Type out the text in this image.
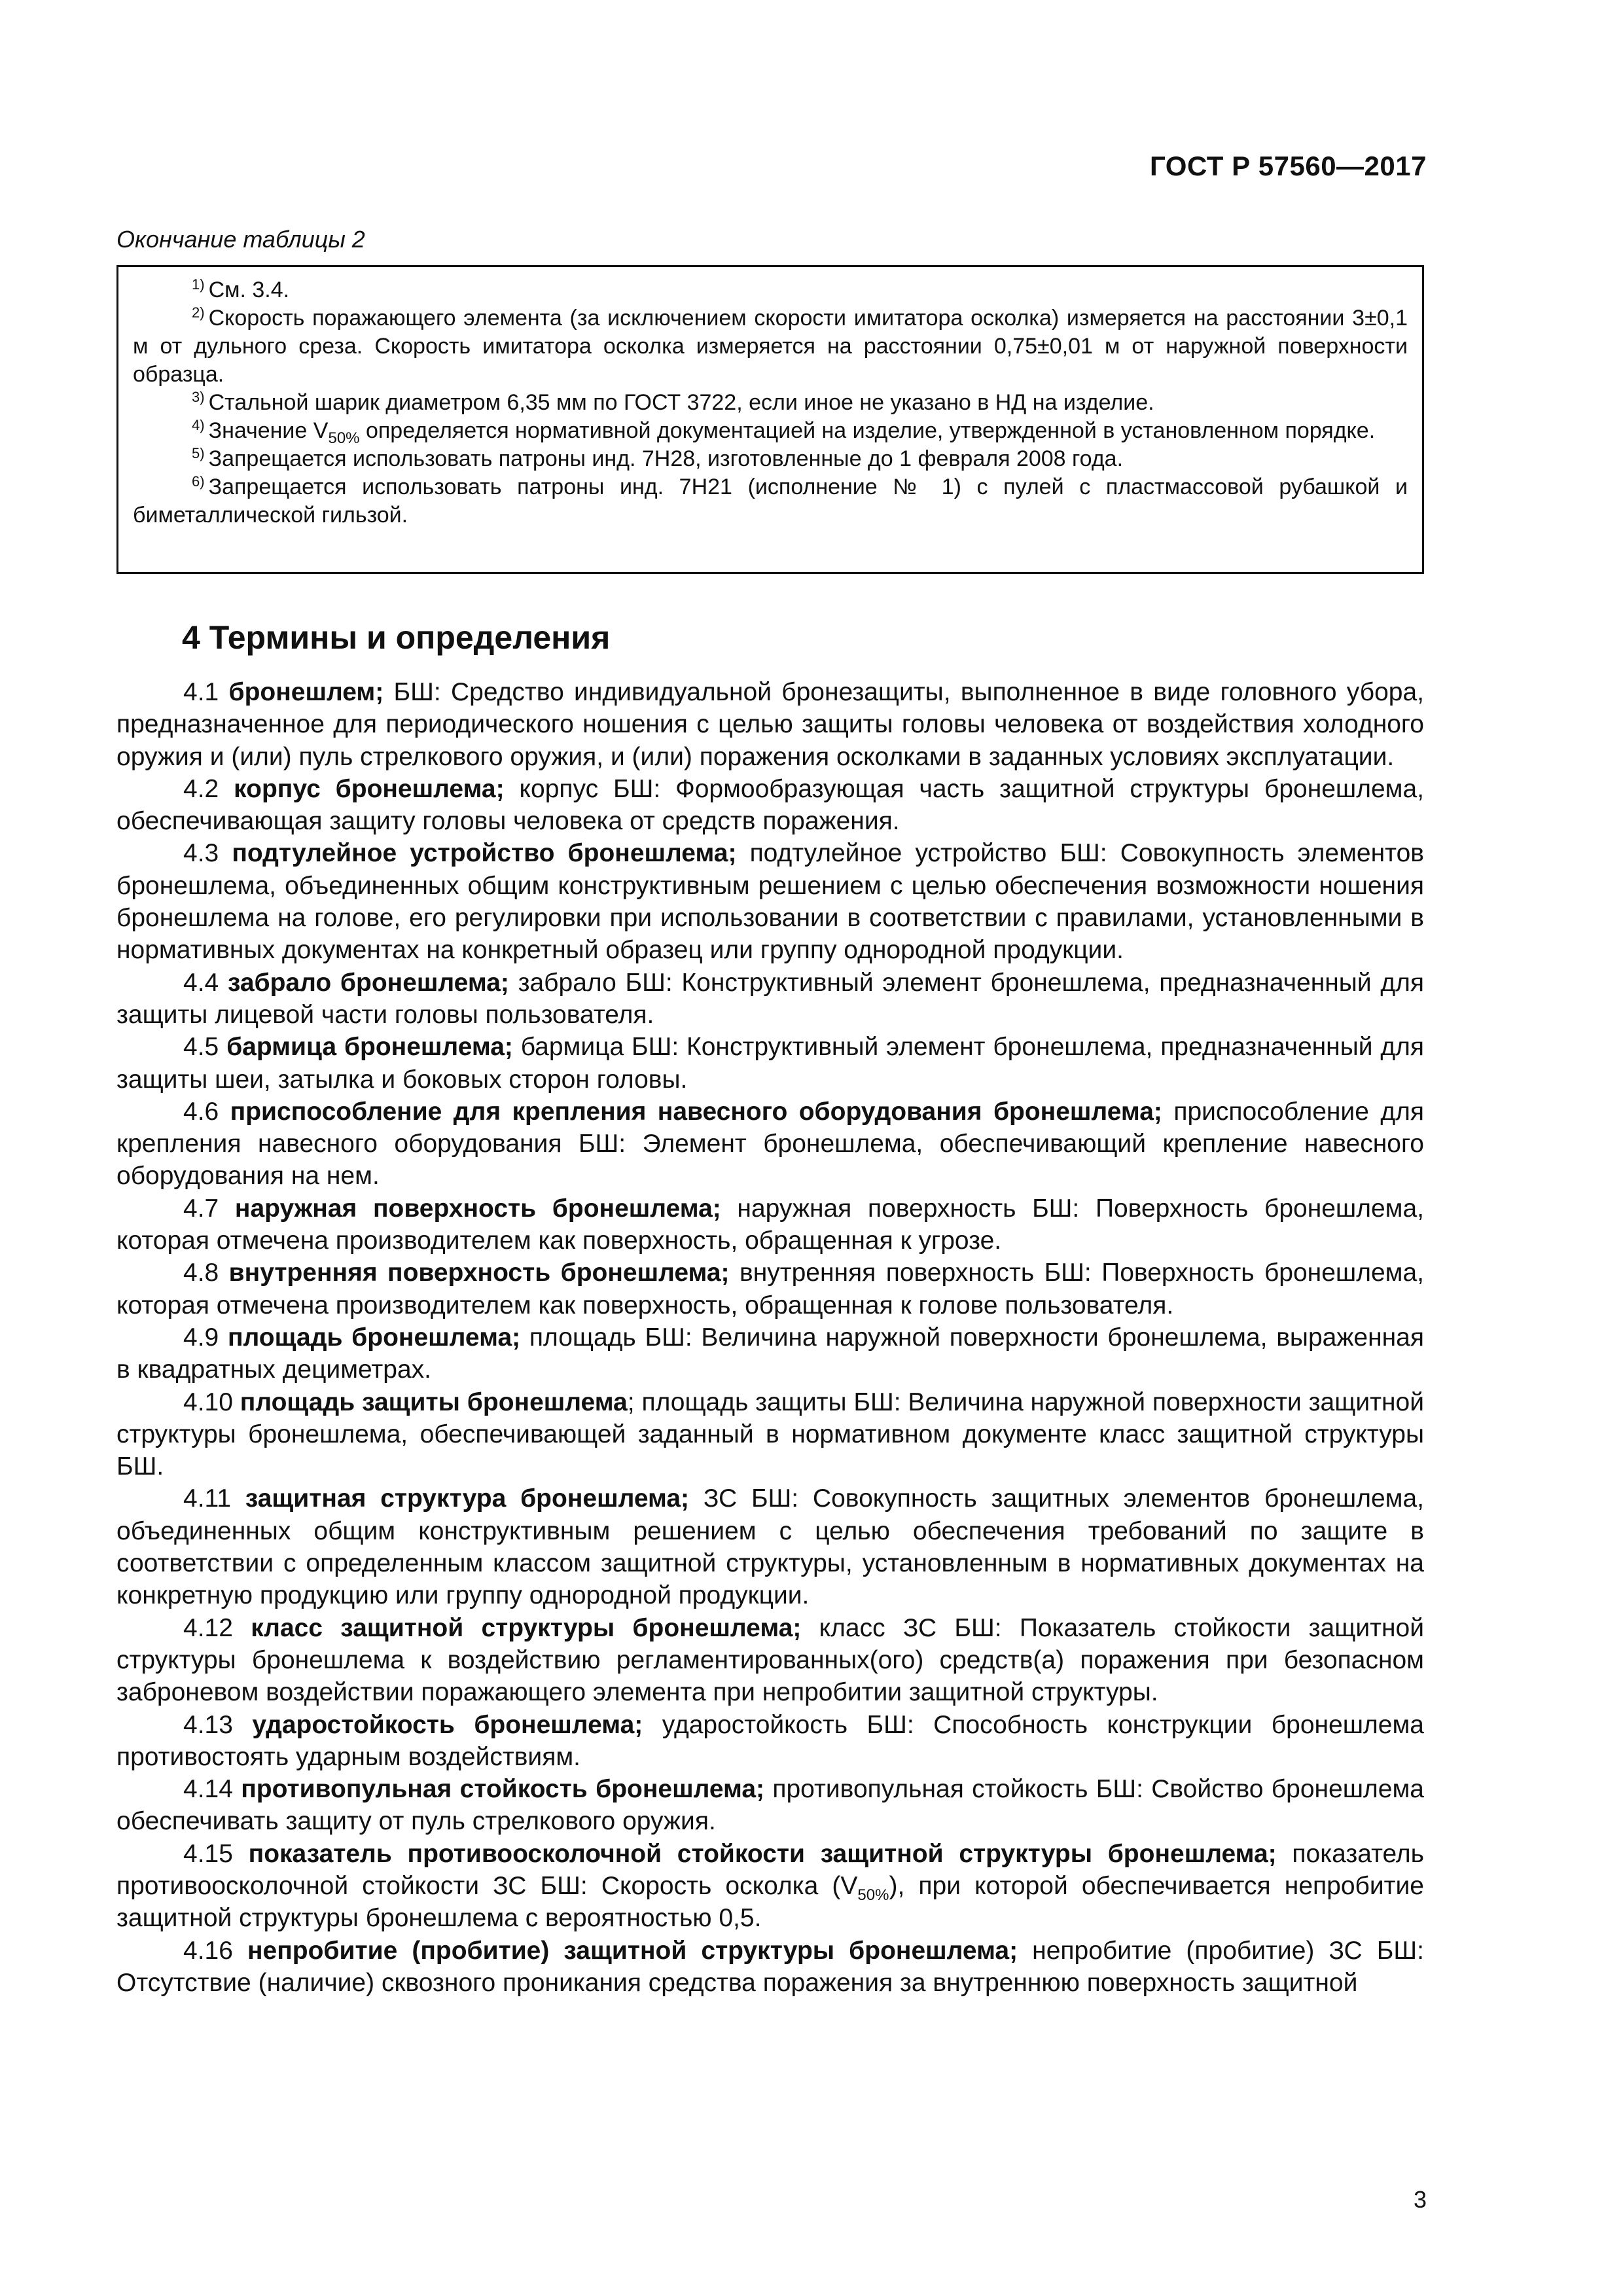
ГОСТ Р 57560—2017
Окончание таблицы 2

$^{1)}$ См. 3.4.

$^{2)}$ Скорость поражающего элемента (за исключением скорости имитатора осколка) измеряется на расстоянии 3±0,1 м от дульного среза. Скорость имитатора осколка измеряется на расстоянии 0,75±0,01 м от наружной поверхности образца.

$^{3)}$ Стальной шарик диаметром 6,35 мм по ГОСТ 3722, если иное не указано в НД на изделие.

$^{4)}$ Значение $V_{50\%}$ определяется нормативной документацией на изделие, утвержденной в установленном порядке.

$^{5)}$ Запрещается использовать патроны инд. 7Н28, изготовленные до 1 февраля 2008 года.

$^{6)}$ Запрещается использовать патроны инд. 7Н21 (исполнение № 1) с пулей с пластмассовой рубашкой и биметаллической гильзой.

4 Термины и определения

4.1 бронешлем; БШ: Средство индивидуальной бронезащиты, выполненное в виде головного убора, предназначенное для периодического ношения с целью защиты головы человека от воздействия холодного оружия и (или) пуль стрелкового оружия, и (или) поражения осколками в заданных условиях эксплуатации.

4.2 корпус бронешлема; корпус БШ: Формообразующая часть защитной структуры бронешлема, обеспечивающая защиту головы человека от средств поражения.

4.3 подтулейное устройство бронешлема; подтулейное устройство БШ: Совокупность элементов бронешлема, объединенных общим конструктивным решением с целью обеспечения возможности ношения бронешлема на голове, его регулировки при использовании в соответствии с правилами, установленными в нормативных документах на конкретный образец или группу однородной продукции.

4.4 забрало бронешлема; забрало БШ: Конструктивный элемент бронешлема, предназначенный для защиты лицевой части головы пользователя.

4.5 бармица бронешлема; бармица БШ: Конструктивный элемент бронешлема, предназначенный для защиты шеи, затылка и боковых сторон головы.

4.6 приспособление для крепления навесного оборудования бронешлема; приспособление для крепления навесного оборудования БШ: Элемент бронешлема, обеспечивающий крепление навесного оборудования на нем.

4.7 наружная поверхность бронешлема; наружная поверхность БШ: Поверхность бронешлема, которая отмечена производителем как поверхность, обращенная к угрозе.

4.8 внутренняя поверхность бронешлема; внутренняя поверхность БШ: Поверхность бронешлема, которая отмечена производителем как поверхность, обращенная к голове пользователя.

4.9 площадь бронешлема; площадь БШ: Величина наружной поверхности бронешлема, выраженная в квадратных дециметрах.

4.10 площадь защиты бронешлема; площадь защиты БШ: Величина наружной поверхности защитной структуры бронешлема, обеспечивающей заданный в нормативном документе класс защитной структуры БШ.

4.11 защитная структура бронешлема; ЗС БШ: Совокупность защитных элементов бронешлема, объединенных общим конструктивным решением с целью обеспечения требований по защите в соответствии с определенным классом защитной структуры, установленным в нормативных документах на конкретную продукцию или группу однородной продукции.

4.12 класс защитной структуры бронешлема; класс ЗС БШ: Показатель стойкости защитной структуры бронешлема к воздействию регламентированных(ого) средств(а) поражения при безопасном заброневом воздействии поражающего элемента при непробитии защитной структуры.

4.13 ударостойкость бронешлема; ударостойкость БШ: Способность конструкции бронешлема противостоять ударным воздействиям.

4.14 противопульная стойкость бронешлема; противопульная стойкость БШ: Свойство бронешлема обеспечивать защиту от пуль стрелкового оружия.

4.15 показатель противоосколочной стойкости защитной структуры бронешлема; показатель противоосколочной стойкости ЗС БШ: Скорость осколка $(V_{50\%})$, при которой обеспечивается непробитие защитной структуры бронешлема с вероятностью 0,5.

4.16 непробитие (пробитие) защитной структуры бронешлема; непробитие (пробитие) ЗС БШ: Отсутствие (наличие) сквозного проникания средства поражения за внутреннюю поверхность защитной

3
